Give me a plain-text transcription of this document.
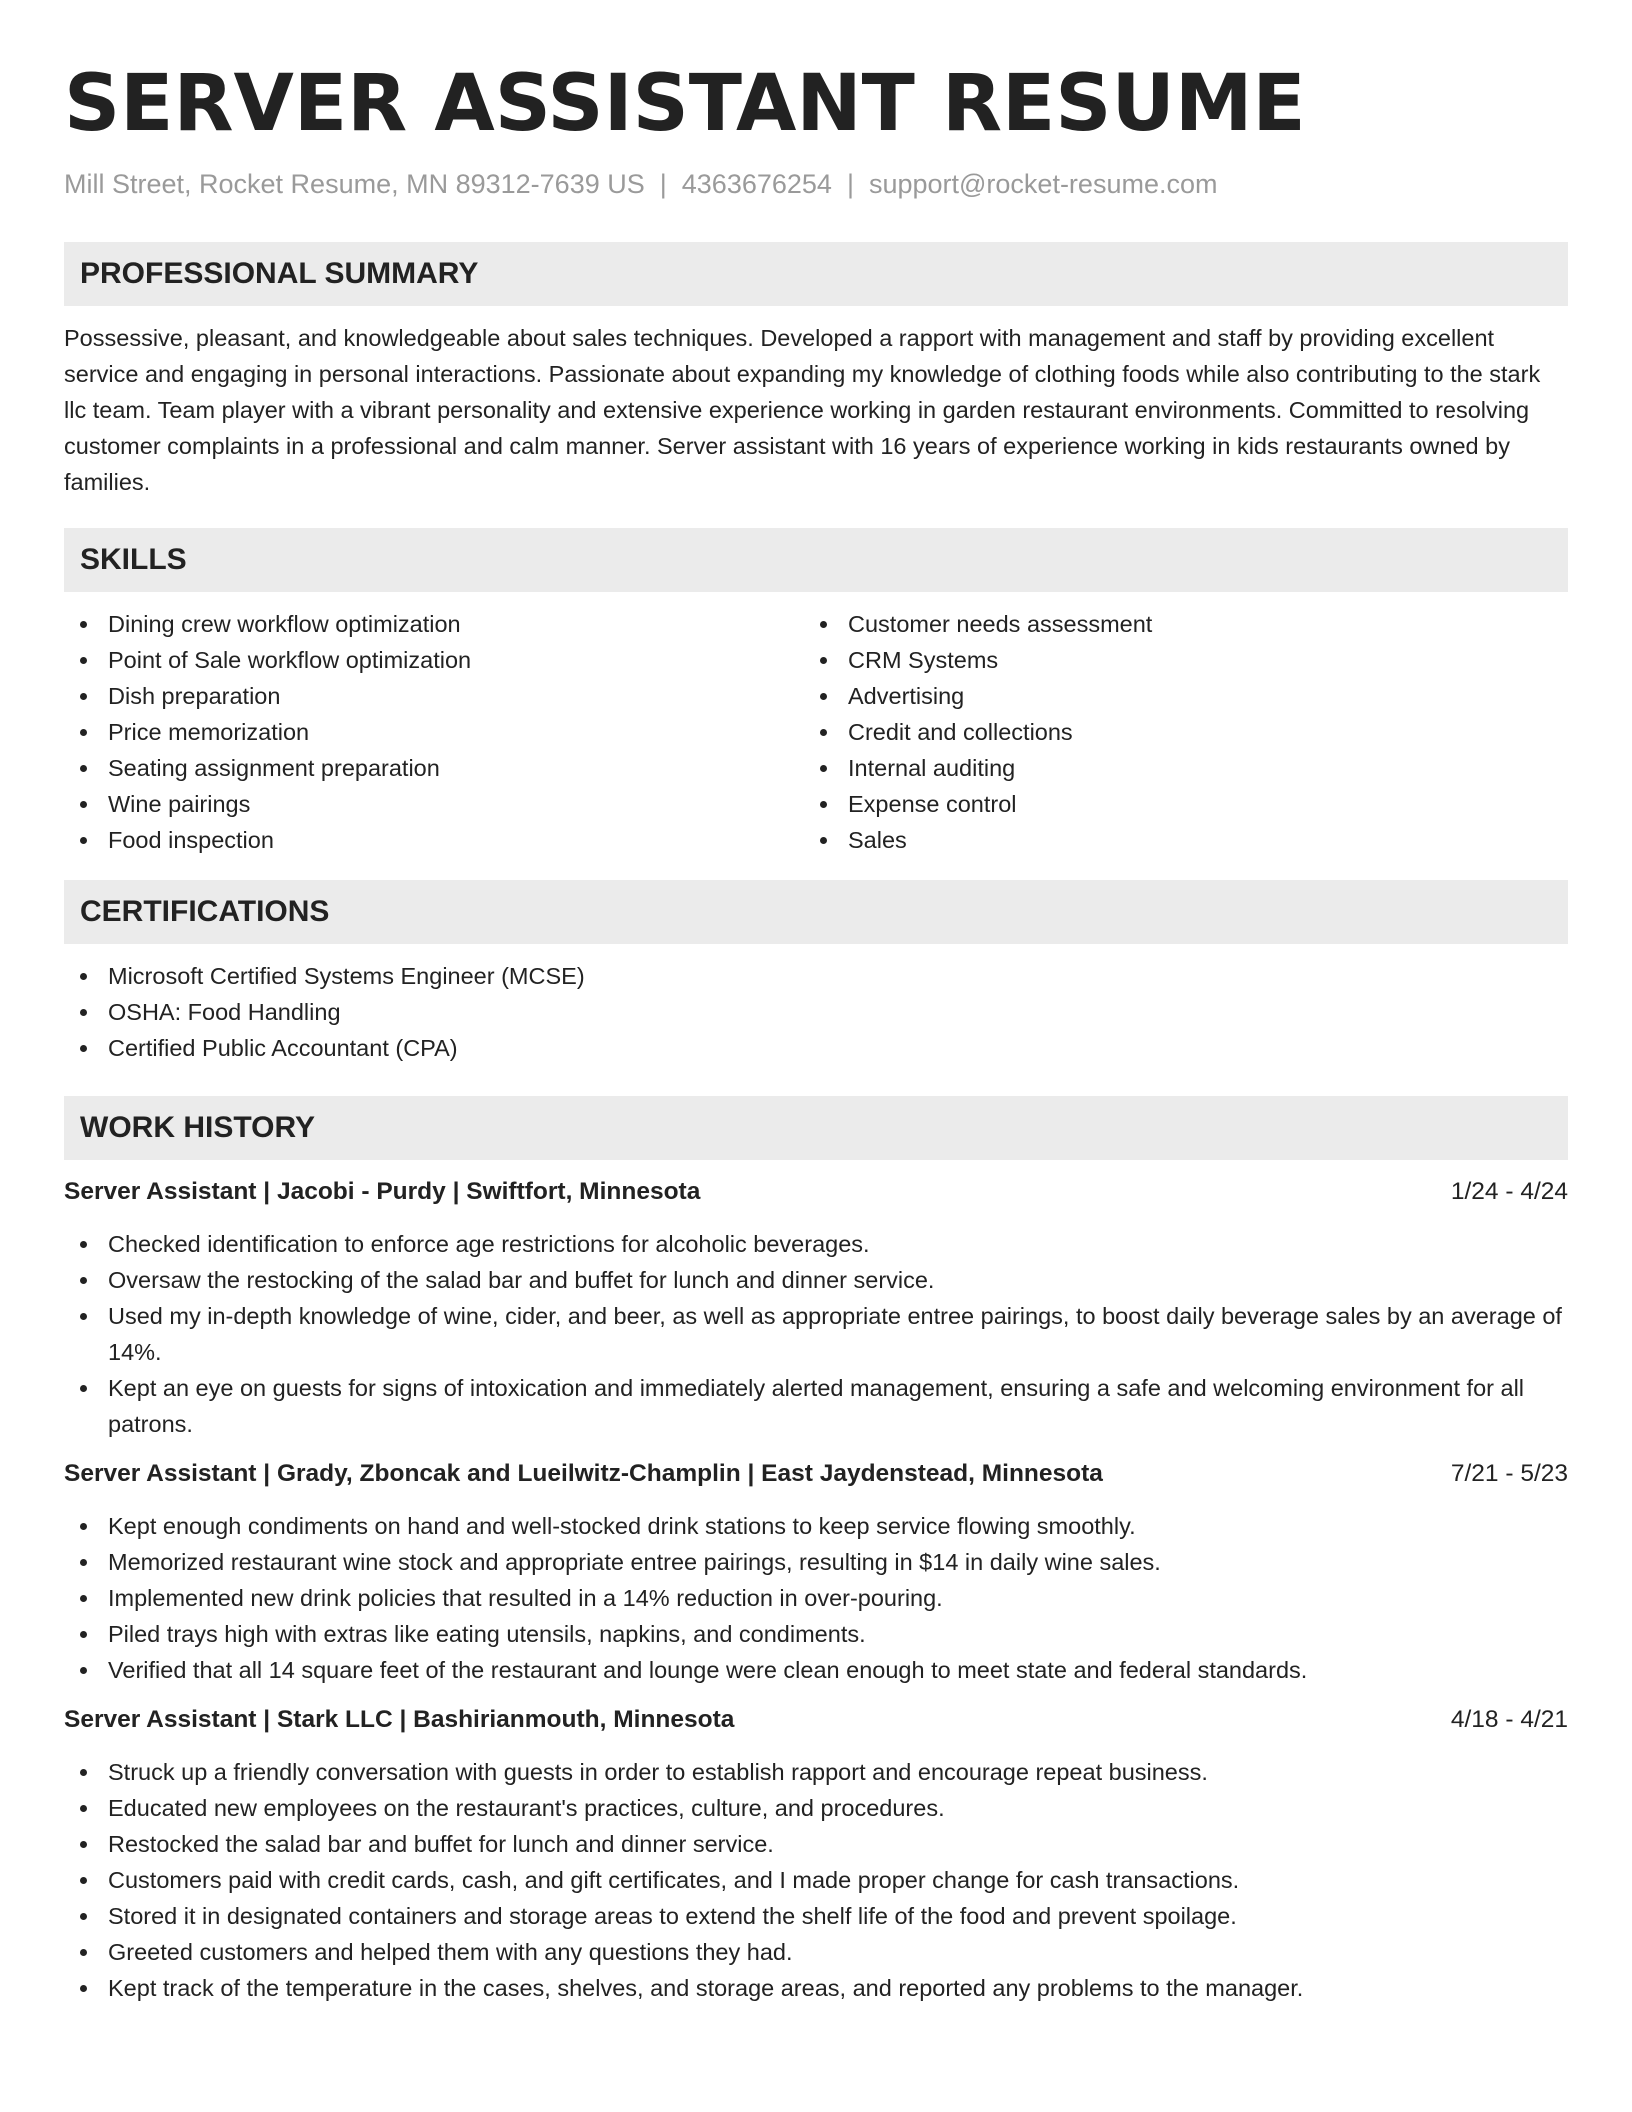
SERVER ASSISTANT RESUME
Mill Street, Rocket Resume, MN 89312-7639 US | 4363676254 | support@rocket-resume.com
PROFESSIONAL SUMMARY

Possessive, pleasant, and knowledgeable about sales techniques. Developed a rapport with management and staff by providing excellent service and engaging in personal interactions. Passionate about expanding my knowledge of clothing foods while also contributing to the stark llc team. Team player with a vibrant personality and extensive experience working in garden restaurant environments. Committed to resolving customer complaints in a professional and calm manner. Server assistant with 16 years of experience working in kids restaurants owned by families.

SKILLS
Dining crew workflow optimization
Point of Sale workflow optimization
Dish preparation
Price memorization
Seating assignment preparation
Wine pairings
Food inspection
Customer needs assessment
CRM Systems
Advertising
Credit and collections
Internal auditing
Expense control
Sales
CERTIFICATIONS
Microsoft Certified Systems Engineer (MCSE)
OSHA: Food Handling
Certified Public Accountant (CPA)
WORK HISTORY
Server Assistant | Jacobi - Purdy | Swiftfort, Minnesota	1/24 - 4/24
Checked identification to enforce age restrictions for alcoholic beverages.
Oversaw the restocking of the salad bar and buffet for lunch and dinner service.
Used my in-depth knowledge of wine, cider, and beer, as well as appropriate entree pairings, to boost daily beverage sales by an average of 14%.
Kept an eye on guests for signs of intoxication and immediately alerted management, ensuring a safe and welcoming environment for all patrons.
Server Assistant | Grady, Zboncak and Lueilwitz-Champlin | East Jaydenstead, Minnesota	7/21 - 5/23
Kept enough condiments on hand and well-stocked drink stations to keep service flowing smoothly.
Memorized restaurant wine stock and appropriate entree pairings, resulting in $14 in daily wine sales.
Implemented new drink policies that resulted in a 14% reduction in over-pouring.
Piled trays high with extras like eating utensils, napkins, and condiments.
Verified that all 14 square feet of the restaurant and lounge were clean enough to meet state and federal standards.
Server Assistant | Stark LLC | Bashirianmouth, Minnesota	4/18 - 4/21
Struck up a friendly conversation with guests in order to establish rapport and encourage repeat business.
Educated new employees on the restaurant's practices, culture, and procedures.
Restocked the salad bar and buffet for lunch and dinner service.
Customers paid with credit cards, cash, and gift certificates, and I made proper change for cash transactions.
Stored it in designated containers and storage areas to extend the shelf life of the food and prevent spoilage.
Greeted customers and helped them with any questions they had.
Kept track of the temperature in the cases, shelves, and storage areas, and reported any problems to the manager.
